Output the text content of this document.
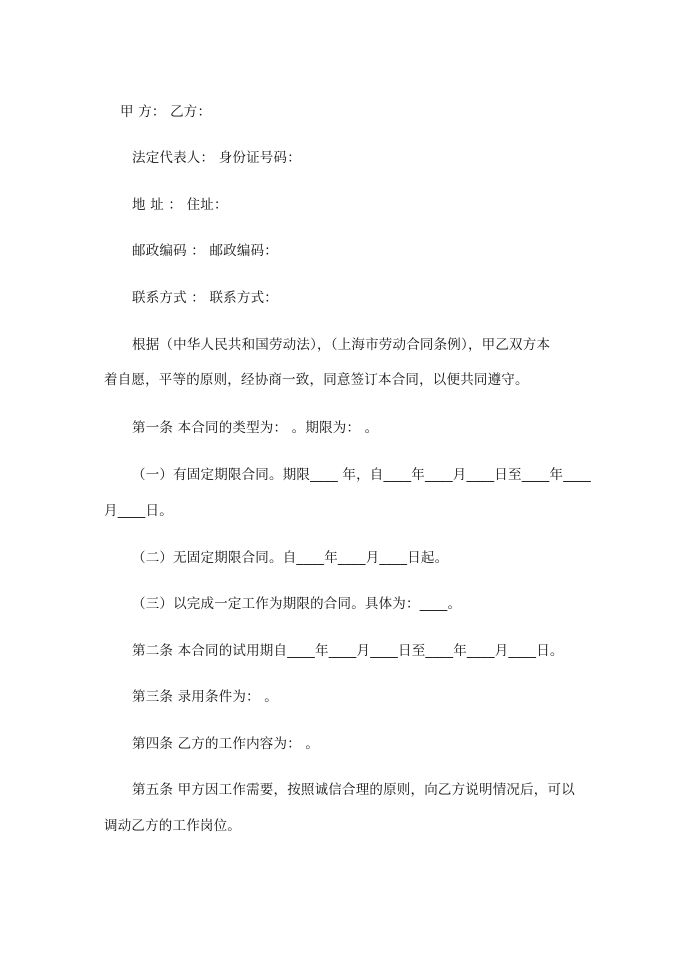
甲 方： 乙方：
法定代表人： 身份证号码：
地 址 ： 住址：
邮政编码 ： 邮政编码：
联系方式 ： 联系方式：
根据（中华人民共和国劳动法），（上海市劳动合同条例），甲乙双方本
着自愿，平等的原则，经协商一致，同意签订本合同，以便共同遵守。
第一条 本合同的类型为： 。期限为： 。
（一）有固定期限合同。期限____ 年，自____年____月____日至____年____
月____日。
（二）无固定期限合同。自____年____月____日起。
（三）以完成一定工作为期限的合同。具体为：____。
第二条 本合同的试用期自____年____月____日至____年____月____日。
第三条 录用条件为： 。
第四条 乙方的工作内容为： 。
第五条 甲方因工作需要，按照诚信合理的原则，向乙方说明情况后，可以
调动乙方的工作岗位。
